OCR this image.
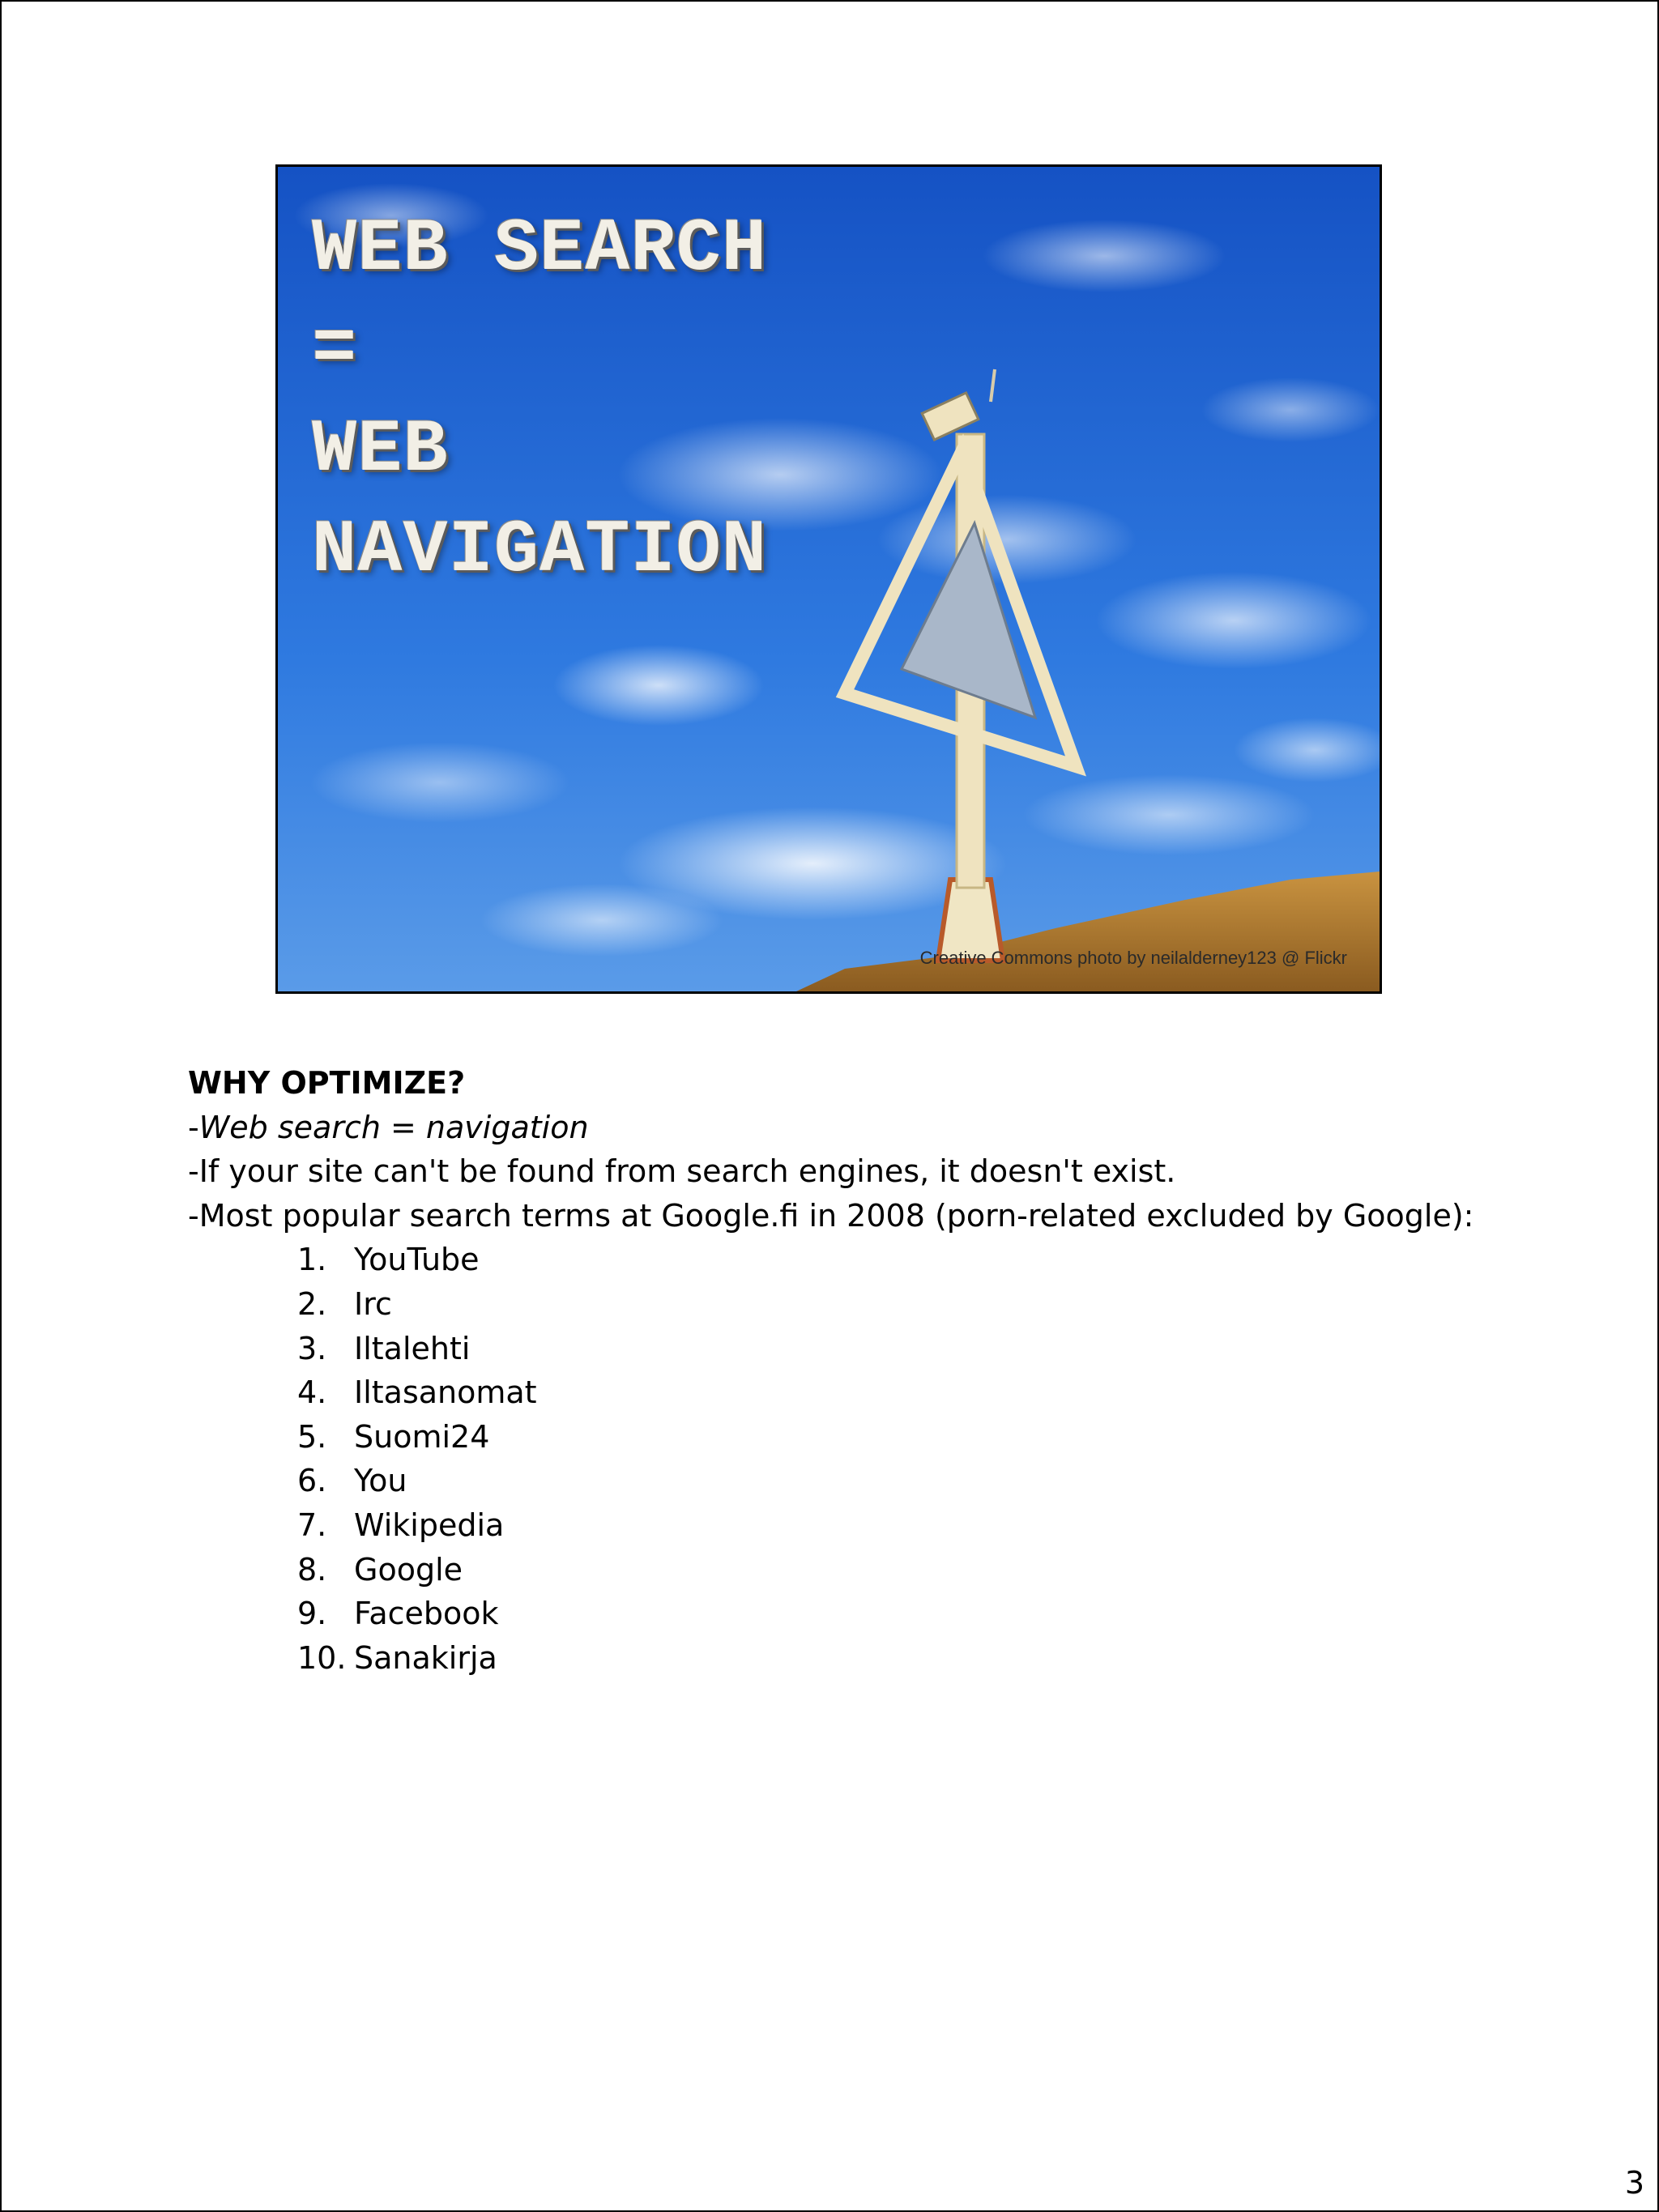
WEB SEARCH
=
WEB
NAVIGATION
Creative Commons photo by neilalderney123 @ Flickr

WHY OPTIMIZE?

-Web search = navigation

-If your site can't be found from search engines, it doesn't exist.

-Most popular search terms at Google.fi in 2008 (porn-related excluded by Google):

1. YouTube
2. Irc
3. Iltalehti
4. Iltasanomat
5. Suomi24
6. You
7. Wikipedia
8. Google
9. Facebook
10. Sanakirja
3
